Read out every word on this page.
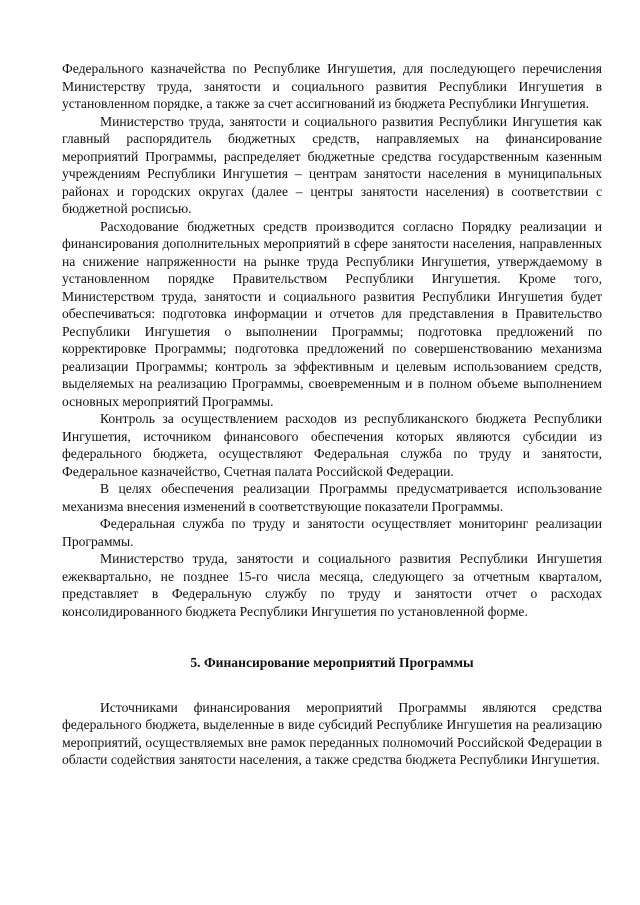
Федерального казначейства по Республике Ингушетия, для последующего перечисления Министерству труда, занятости и социального развития Республики Ингушетия в установленном порядке, а также за счет ассигнований из бюджета Республики Ингушетия.

Министерство труда, занятости и социального развития Республики Ингушетия как главный распорядитель бюджетных средств, направляемых на финансирование мероприятий Программы, распределяет бюджетные средства государственным казенным учреждениям Республики Ингушетия – центрам занятости населения в муниципальных районах и городских округах (далее – центры занятости населения) в соответствии с бюджетной росписью.

Расходование бюджетных средств производится согласно Порядку реализации и финансирования дополнительных мероприятий в сфере занятости населения, направленных на снижение напряженности на рынке труда Республики Ингушетия, утверждаемому в установленном порядке Правительством Республики Ингушетия. Кроме того, Министерством труда, занятости и социального развития Республики Ингушетия будет обеспечиваться: подготовка информации и отчетов для представления в Правительство Республики Ингушетия о выполнении Программы; подготовка предложений по корректировке Программы; подготовка предложений по совершенствованию механизма реализации Программы; контроль за эффективным и целевым использованием средств, выделяемых на реализацию Программы, своевременным и в полном объеме выполнением основных мероприятий Программы.

Контроль за осуществлением расходов из республиканского бюджета Республики Ингушетия, источником финансового обеспечения которых являются субсидии из федерального бюджета, осуществляют Федеральная служба по труду и занятости, Федеральное казначейство, Счетная палата Российской Федерации.

В целях обеспечения реализации Программы предусматривается использование механизма внесения изменений в соответствующие показатели Программы.

Федеральная служба по труду и занятости осуществляет мониторинг реализации Программы.

Министерство труда, занятости и социального развития Республики Ингушетия ежеквартально, не позднее 15-го числа месяца, следующего за отчетным кварталом, представляет в Федеральную службу по труду и занятости отчет о расходах консолидированного бюджета Республики Ингушетия по установленной форме.

5. Финансирование мероприятий Программы

Источниками финансирования мероприятий Программы являются средства федерального бюджета, выделенные в виде субсидий Республике Ингушетия на реализацию мероприятий, осуществляемых вне рамок переданных полномочий Российской Федерации в области содействия занятости населения, а также средства бюджета Республики Ингушетия.
